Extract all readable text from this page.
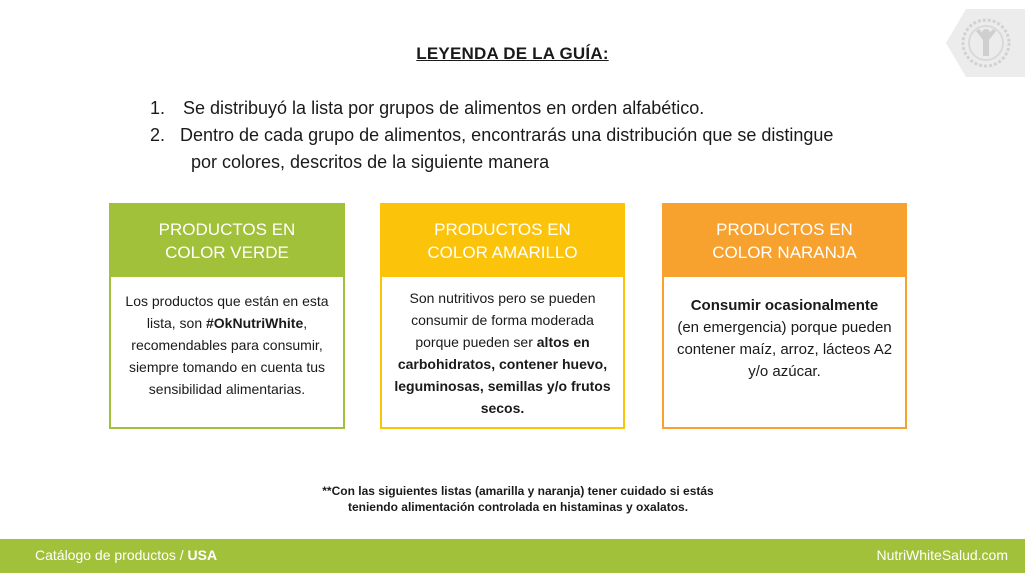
LEYENDA DE LA GUÍA:
1. Se distribuyó la lista por grupos de alimentos en orden alfabético.
2. Dentro de cada grupo de alimentos, encontrarás una distribución que se distingue
por colores, descritos de la siguiente manera
PRODUCTOS EN
COLOR VERDE
Los productos que están en esta lista, son #OkNutriWhite, recomendables para consumir, siempre tomando en cuenta tus sensibilidad alimentarias.
PRODUCTOS EN
COLOR AMARILLO
Son nutritivos pero se pueden consumir de forma moderada porque pueden ser altos en carbohidratos, contener huevo, leguminosas, semillas y/o frutos secos.
PRODUCTOS EN
COLOR NARANJA
Consumir ocasionalmente
(en emergencia) porque pueden contener maíz, arroz, lácteos A2 y/o azúcar.
**Con las siguientes listas (amarilla y naranja) tener cuidado si estás
teniendo alimentación controlada en histaminas y oxalatos.
Catálogo de productos / USA	NutriWhiteSalud.com
